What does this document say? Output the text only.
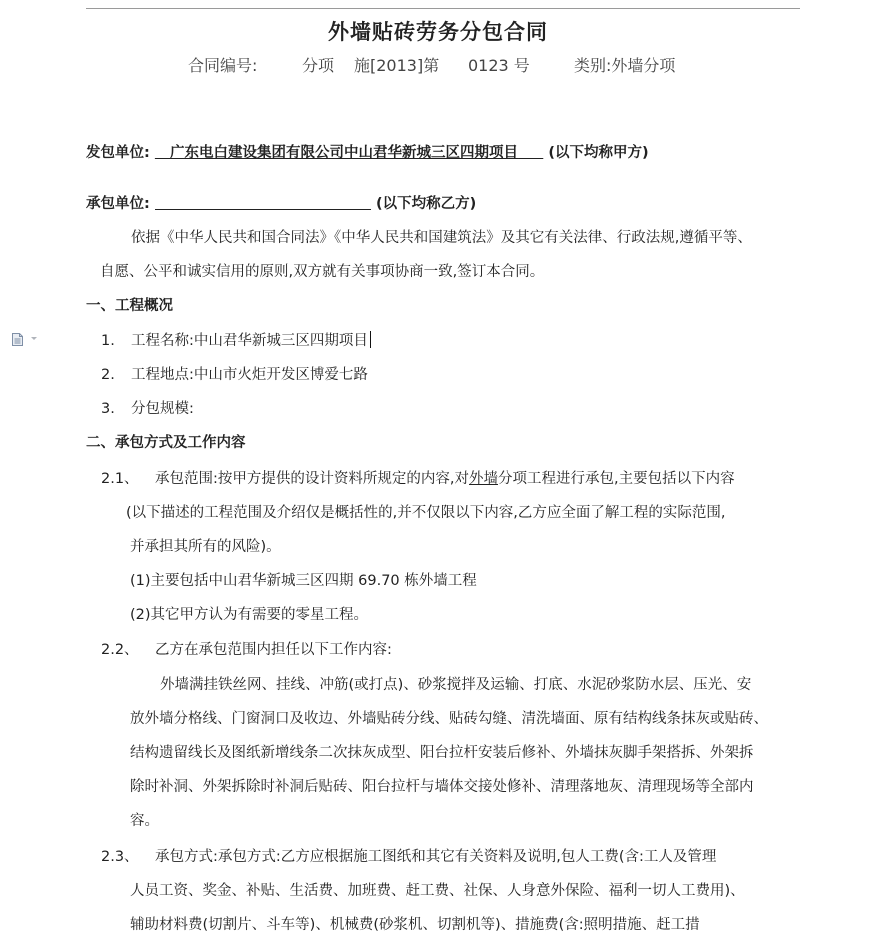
外墙贴砖劳务分包合同
合同编号:	分项 施[2013]第 0123 号	类别:外墙分项
发包单位: 广东电白建设集团有限公司中山君华新城三区四期项目 (以下均称甲方)
承包单位:	(以下均称乙方)
依据《中华人民共和国合同法》《中华人民共和国建筑法》及其它有关法律、行政法规,遵循平等、
自愿、公平和诚实信用的原则,双方就有关事项协商一致,签订本合同。
一、工程概况
1. 工程名称:中山君华新城三区四期项目
2. 工程地点:中山市火炬开发区博爱七路
3. 分包规模:
二、承包方式及工作内容
2.1、 承包范围:按甲方提供的设计资料所规定的内容,对外墙分项工程进行承包,主要包括以下内容
(以下描述的工程范围及介绍仅是概括性的,并不仅限以下内容,乙方应全面了解工程的实际范围,
并承担其所有的风险)。
(1)主要包括中山君华新城三区四期 69.70 栋外墙工程
(2)其它甲方认为有需要的零星工程。
2.2、 乙方在承包范围内担任以下工作内容:
外墙满挂铁丝网、挂线、冲筋(或打点)、砂浆搅拌及运输、打底、水泥砂浆防水层、压光、安
放外墙分格线、门窗洞口及收边、外墙贴砖分线、贴砖勾缝、清洗墙面、原有结构线条抹灰或贴砖、
结构遗留线长及图纸新增线条二次抹灰成型、阳台拉杆安装后修补、外墙抹灰脚手架搭拆、外架拆
除时补洞、外架拆除时补洞后贴砖、阳台拉杆与墙体交接处修补、清理落地灰、清理现场等全部内
容。
2.3、 承包方式:承包方式:乙方应根据施工图纸和其它有关资料及说明,包人工费(含:工人及管理
人员工资、奖金、补贴、生活费、加班费、赶工费、社保、人身意外保险、福利一切人工费用)、
辅助材料费(切割片、斗车等)、机械费(砂浆机、切割机等)、措施费(含:照明措施、赶工措
